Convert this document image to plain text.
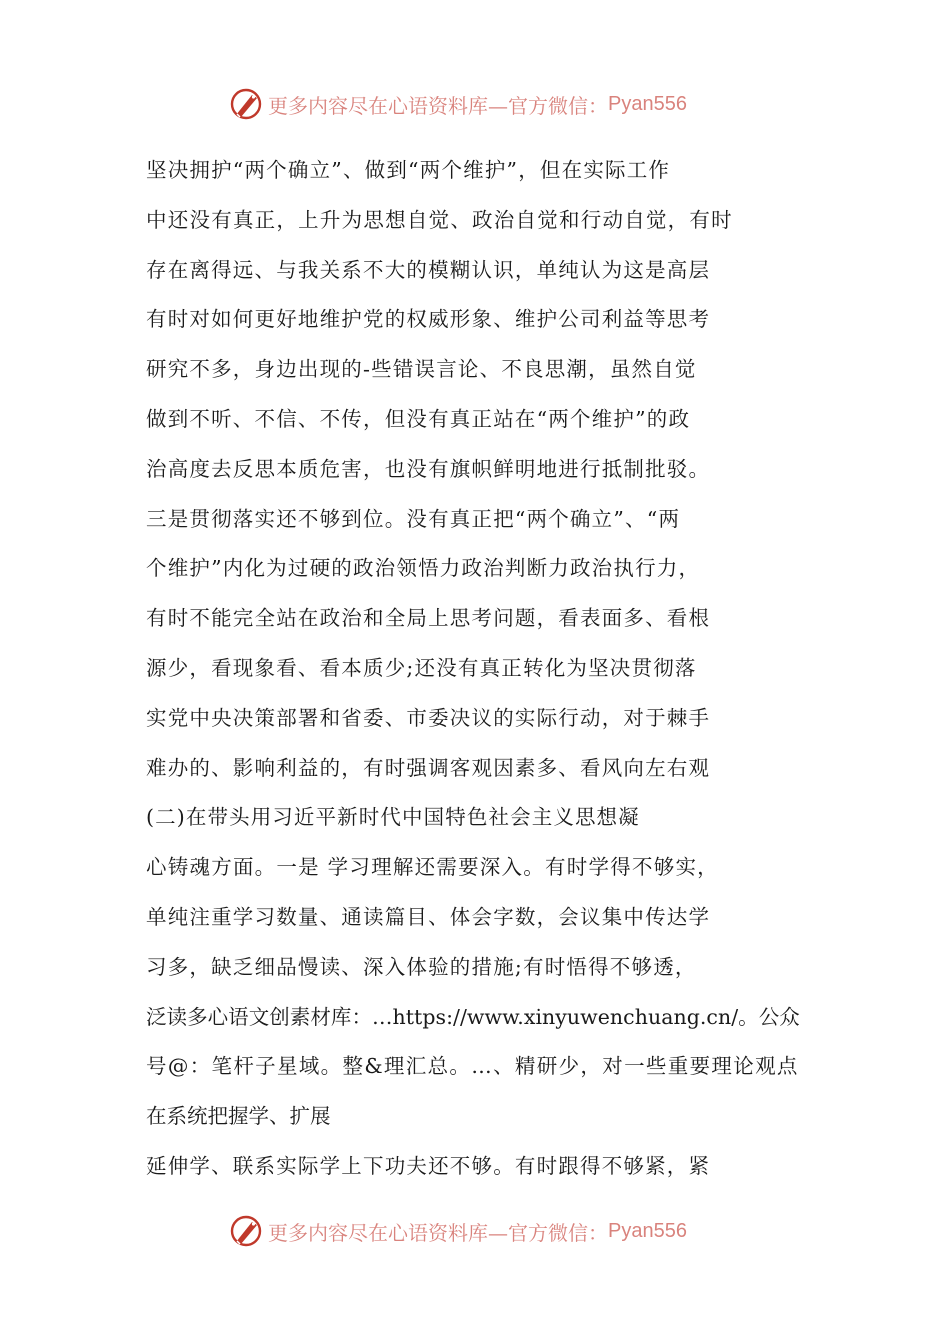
更多内容尽在心语资料库—官方微信： Pyan556
坚决拥护“两个确立”、做到“两个维护”，但在实际工作
中还没有真正，上升为思想自觉、政治自觉和行动自觉，有时
存在离得远、与我关系不大的模糊认识，单纯认为这是高层
有时对如何更好地维护党的权威形象、维护公司利益等思考
研究不多，身边出现的-些错误言论、不良思潮，虽然自觉
做到不听、不信、不传，但没有真正站在“两个维护”的政
治高度去反思本质危害，也没有旗帜鲜明地进行抵制批驳。
三是贯彻落实还不够到位。没有真正把“两个确立”、“两
个维护”内化为过硬的政治领悟力政治判断力政治执行力，
有时不能完全站在政治和全局上思考问题，看表面多、看根
源少，看现象看、看本质少;还没有真正转化为坚决贯彻落
实党中央决策部署和省委、市委决议的实际行动，对于棘手
难办的、影响利益的，有时强调客观因素多、看风向左右观
(二)在带头用习近平新时代中国特色社会主义思想凝
心铸魂方面。一是 学习理解还需要深入。有时学得不够实，
单纯注重学习数量、通读篇目、体会字数，会议集中传达学
习多，缺乏细品慢读、深入体验的措施;有时悟得不够透，
泛读多心语文创素材库：…https://www.xinyuwenchuang.cn/。公众
号@：笔杆子星域。整&理汇总。…、精研少，对一些重要理论观点
在系统把握学、扩展
延伸学、联系实际学上下功夫还不够。有时跟得不够紧，紧
更多内容尽在心语资料库—官方微信： Pyan556
